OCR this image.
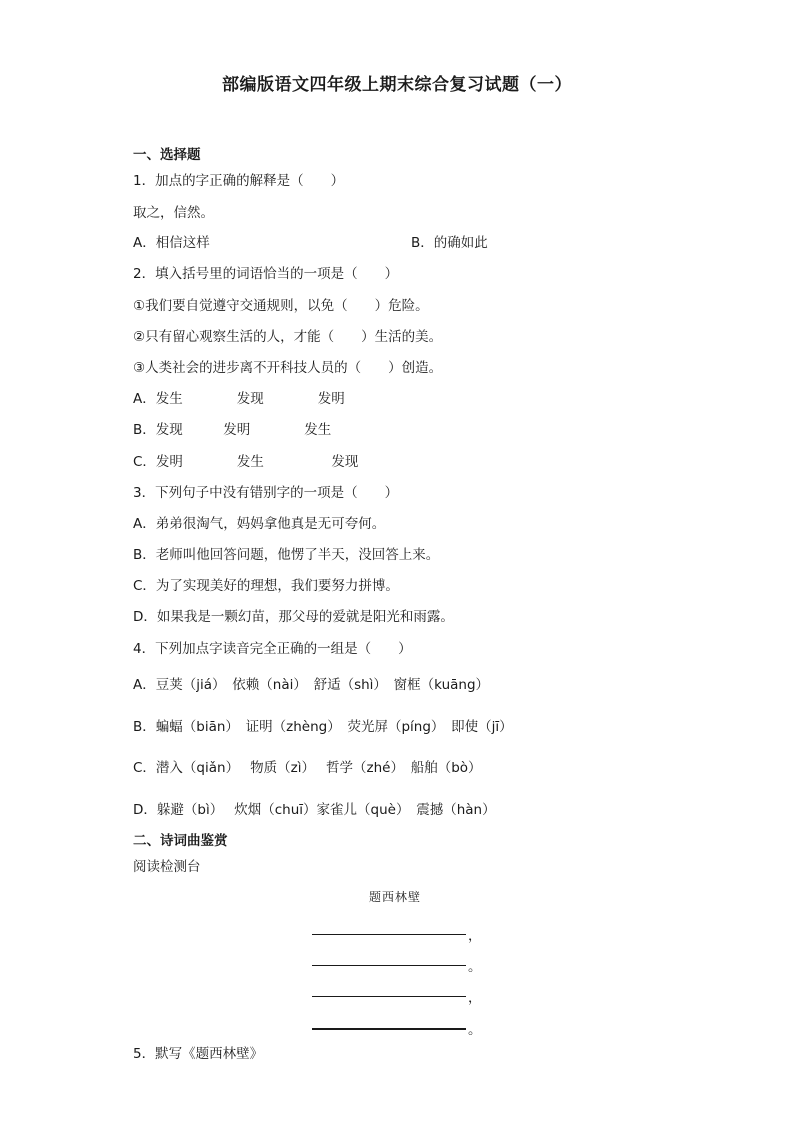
部编版语文四年级上期末综合复习试题（一）
一、选择题
1．加点的字正确的解释是（　　）
取之，信然。
A．相信这样	B．的确如此
2．填入括号里的词语恰当的一项是（　　）
①我们要自觉遵守交通规则，以免（　　）危险。
②只有留心观察生活的人，才能（　　）生活的美。
③人类社会的进步离不开科技人员的（　　）创造。
A．发生　　　　发现　　　　发明
B．发现　　　发明　　　　发生
C．发明　　　　发生　　　　　发现
3．下列句子中没有错别字的一项是（　　）
A．弟弟很淘气，妈妈拿他真是无可夸何。
B．老师叫他回答问题，他愣了半天，没回答上来。
C．为了实现美好的理想，我们要努力拼博。
D．如果我是一颗幻苗，那父母的爱就是阳光和雨露。
4．下列加点字读音完全正确的一组是（　　）
A．豆荚（jiá）　依赖（nài）　舒适（shì）　窗框（kuāng）
B．蝙蝠（biān）　证明（zhèng）　荧光屏（píng）　即使（jī）
C．潜入（qiǎn）　 物质（zì）　 哲学（zhé）　船舶（bò）
D．躲避（bì）　 炊烟（chuī）家雀儿（què）　震撼（hàn）
二、诗词曲鉴赏
阅读检测台
题西林壁
，
。
，
。
5．默写《题西林壁》
